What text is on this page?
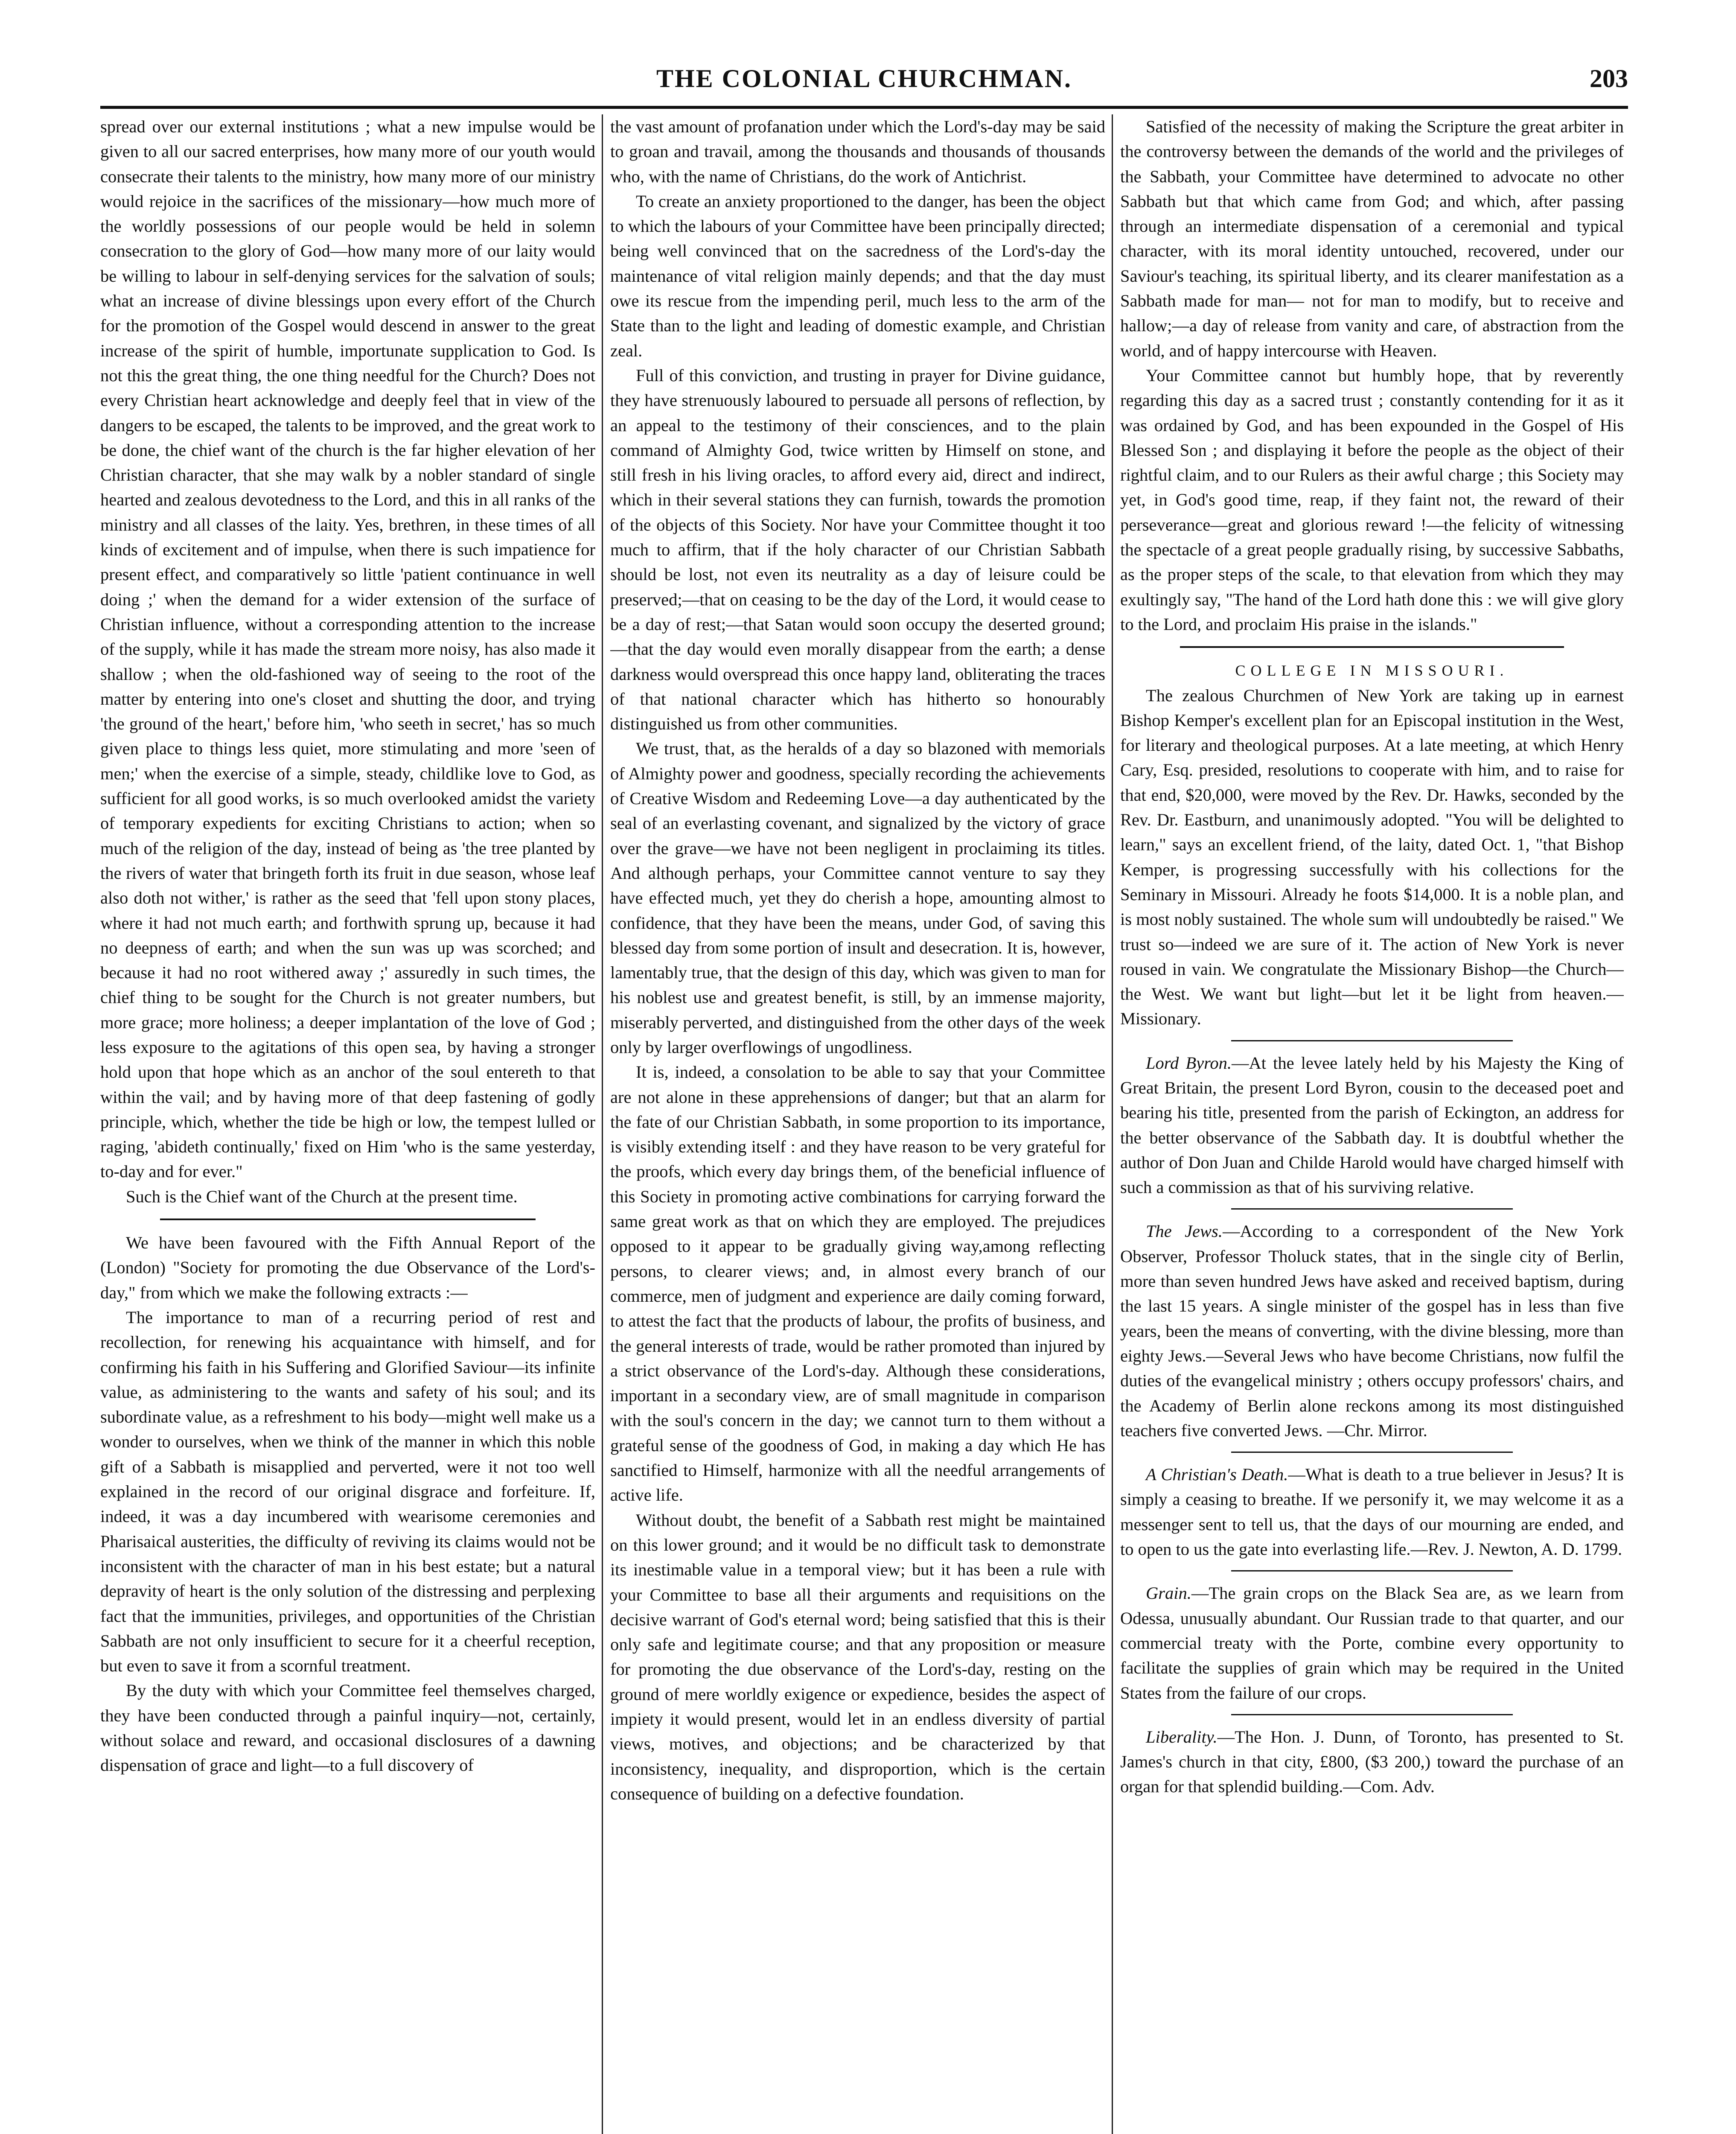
THE COLONIAL CHURCHMAN.	203

spread over our external institutions ; what a new impulse would be given to all our sacred enterprises, how many more of our youth would consecrate their talents to the ministry, how many more of our ministry would rejoice in the sacrifices of the missionary—how much more of the worldly possessions of our people would be held in solemn consecration to the glory of God—how many more of our laity would be willing to labour in self-denying services for the salvation of souls; what an increase of divine blessings upon every effort of the Church for the promotion of the Gospel would descend in answer to the great increase of the spirit of humble, importunate supplication to God. Is not this the great thing, the one thing needful for the Church? Does not every Christian heart acknowledge and deeply feel that in view of the dangers to be escaped, the talents to be improved, and the great work to be done, the chief want of the church is the far higher elevation of her Christian character, that she may walk by a nobler standard of single hearted and zealous devotedness to the Lord, and this in all ranks of the ministry and all classes of the laity. Yes, brethren, in these times of all kinds of excitement and of impulse, when there is such impatience for present effect, and comparatively so little 'patient continuance in well doing ;' when the demand for a wider extension of the surface of Christian influence, without a corresponding attention to the increase of the supply, while it has made the stream more noisy, has also made it shallow ; when the old-fashioned way of seeing to the root of the matter by entering into one's closet and shutting the door, and trying 'the ground of the heart,' before him, 'who seeth in secret,' has so much given place to things less quiet, more stimulating and more 'seen of men;' when the exercise of a simple, steady, childlike love to God, as sufficient for all good works, is so much overlooked amidst the variety of temporary expedients for exciting Christians to action; when so much of the religion of the day, instead of being as 'the tree planted by the rivers of water that bringeth forth its fruit in due season, whose leaf also doth not wither,' is rather as the seed that 'fell upon stony places, where it had not much earth; and forthwith sprung up, because it had no deepness of earth; and when the sun was up was scorched; and because it had no root withered away ;' assuredly in such times, the chief thing to be sought for the Church is not greater numbers, but more grace; more holiness; a deeper implantation of the love of God ; less exposure to the agitations of this open sea, by having a stronger hold upon that hope which as an anchor of the soul entereth to that within the vail; and by having more of that deep fastening of godly principle, which, whether the tide be high or low, the tempest lulled or raging, 'abideth continually,' fixed on Him 'who is the same yesterday, to-day and for ever."

Such is the Chief want of the Church at the present time.

We have been favoured with the Fifth Annual Report of the (London) "Society for promoting the due Observance of the Lord's-day," from which we make the following extracts :—

The importance to man of a recurring period of rest and recollection, for renewing his acquaintance with himself, and for confirming his faith in his Suffering and Glorified Saviour—its infinite value, as administering to the wants and safety of his soul; and its subordinate value, as a refreshment to his body—might well make us a wonder to ourselves, when we think of the manner in which this noble gift of a Sabbath is misapplied and perverted, were it not too well explained in the record of our original disgrace and forfeiture. If, indeed, it was a day incumbered with wearisome ceremonies and Pharisaical austerities, the difficulty of reviving its claims would not be inconsistent with the character of man in his best estate; but a natural depravity of heart is the only solution of the distressing and perplexing fact that the immunities, privileges, and opportunities of the Christian Sabbath are not only insufficient to secure for it a cheerful reception, but even to save it from a scornful treatment.

By the duty with which your Committee feel themselves charged, they have been conducted through a painful inquiry—not, certainly, without solace and reward, and occasional disclosures of a dawning dispensation of grace and light—to a full discovery of

the vast amount of profanation under which the Lord's-day may be said to groan and travail, among the thousands and thousands of thousands who, with the name of Christians, do the work of Antichrist.

To create an anxiety proportioned to the danger, has been the object to which the labours of your Committee have been principally directed; being well convinced that on the sacredness of the Lord's-day the maintenance of vital religion mainly depends; and that the day must owe its rescue from the impending peril, much less to the arm of the State than to the light and leading of domestic example, and Christian zeal.

Full of this conviction, and trusting in prayer for Divine guidance, they have strenuously laboured to persuade all persons of reflection, by an appeal to the testimony of their consciences, and to the plain command of Almighty God, twice written by Himself on stone, and still fresh in his living oracles, to afford every aid, direct and indirect, which in their several stations they can furnish, towards the promotion of the objects of this Society. Nor have your Committee thought it too much to affirm, that if the holy character of our Christian Sabbath should be lost, not even its neutrality as a day of leisure could be preserved;—that on ceasing to be the day of the Lord, it would cease to be a day of rest;—that Satan would soon occupy the deserted ground;—that the day would even morally disappear from the earth; a dense darkness would overspread this once happy land, obliterating the traces of that national character which has hitherto so honourably distinguished us from other communities.

We trust, that, as the heralds of a day so blazoned with memorials of Almighty power and goodness, specially recording the achievements of Creative Wisdom and Redeeming Love—a day authenticated by the seal of an everlasting covenant, and signalized by the victory of grace over the grave—we have not been negligent in proclaiming its titles. And although perhaps, your Committee cannot venture to say they have effected much, yet they do cherish a hope, amounting almost to confidence, that they have been the means, under God, of saving this blessed day from some portion of insult and desecration. It is, however, lamentably true, that the design of this day, which was given to man for his noblest use and greatest benefit, is still, by an immense majority, miserably perverted, and distinguished from the other days of the week only by larger overflowings of ungodliness.

It is, indeed, a consolation to be able to say that your Committee are not alone in these apprehensions of danger; but that an alarm for the fate of our Christian Sabbath, in some proportion to its importance, is visibly extending itself : and they have reason to be very grateful for the proofs, which every day brings them, of the beneficial influence of this Society in promoting active combinations for carrying forward the same great work as that on which they are employed. The prejudices opposed to it appear to be gradually giving way,among reflecting persons, to clearer views; and, in almost every branch of our commerce, men of judgment and experience are daily coming forward, to attest the fact that the products of labour, the profits of business, and the general interests of trade, would be rather promoted than injured by a strict observance of the Lord's-day. Although these considerations, important in a secondary view, are of small magnitude in comparison with the soul's concern in the day; we cannot turn to them without a grateful sense of the goodness of God, in making a day which He has sanctified to Himself, harmonize with all the needful arrangements of active life.

Without doubt, the benefit of a Sabbath rest might be maintained on this lower ground; and it would be no difficult task to demonstrate its inestimable value in a temporal view; but it has been a rule with your Committee to base all their arguments and requisitions on the decisive warrant of God's eternal word; being satisfied that this is their only safe and legitimate course; and that any proposition or measure for promoting the due observance of the Lord's-day, resting on the ground of mere worldly exigence or expedience, besides the aspect of impiety it would present, would let in an endless diversity of partial views, motives, and objections; and be characterized by that inconsistency, inequality, and disproportion, which is the certain consequence of building on a defective foundation.

Satisfied of the necessity of making the Scripture the great arbiter in the controversy between the demands of the world and the privileges of the Sabbath, your Committee have determined to advocate no other Sabbath but that which came from God; and which, after passing through an intermediate dispensation of a ceremonial and typical character, with its moral identity untouched, recovered, under our Saviour's teaching, its spiritual liberty, and its clearer manifestation as a Sabbath made for man— not for man to modify, but to receive and hallow;—a day of release from vanity and care, of abstraction from the world, and of happy intercourse with Heaven.

Your Committee cannot but humbly hope, that by reverently regarding this day as a sacred trust ; constantly contending for it as it was ordained by God, and has been expounded in the Gospel of His Blessed Son ; and displaying it before the people as the object of their rightful claim, and to our Rulers as their awful charge ; this Society may yet, in God's good time, reap, if they faint not, the reward of their perseverance—great and glorious reward !—the felicity of witnessing the spectacle of a great people gradually rising, by successive Sabbaths, as the proper steps of the scale, to that elevation from which they may exultingly say, "The hand of the Lord hath done this : we will give glory to the Lord, and proclaim His praise in the islands."

COLLEGE IN MISSOURI.

The zealous Churchmen of New York are taking up in earnest Bishop Kemper's excellent plan for an Episcopal institution in the West, for literary and theological purposes. At a late meeting, at which Henry Cary, Esq. presided, resolutions to cooperate with him, and to raise for that end, $20,000, were moved by the Rev. Dr. Hawks, seconded by the Rev. Dr. Eastburn, and unanimously adopted. "You will be delighted to learn," says an excellent friend, of the laity, dated Oct. 1, "that Bishop Kemper, is progressing successfully with his collections for the Seminary in Missouri. Already he foots $14,000. It is a noble plan, and is most nobly sustained. The whole sum will undoubtedly be raised." We trust so—indeed we are sure of it. The action of New York is never roused in vain. We congratulate the Missionary Bishop—the Church—the West. We want but light—but let it be light from heaven.—Missionary.

Lord Byron.—At the levee lately held by his Majesty the King of Great Britain, the present Lord Byron, cousin to the deceased poet and bearing his title, presented from the parish of Eckington, an address for the better observance of the Sabbath day. It is doubtful whether the author of Don Juan and Childe Harold would have charged himself with such a commission as that of his surviving relative.

The Jews.—According to a correspondent of the New York Observer, Professor Tholuck states, that in the single city of Berlin, more than seven hundred Jews have asked and received baptism, during the last 15 years. A single minister of the gospel has in less than five years, been the means of converting, with the divine blessing, more than eighty Jews.—Several Jews who have become Christians, now fulfil the duties of the evangelical ministry ; others occupy professors' chairs, and the Academy of Berlin alone reckons among its most distinguished teachers five converted Jews. —Chr. Mirror.

A Christian's Death.—What is death to a true believer in Jesus? It is simply a ceasing to breathe. If we personify it, we may welcome it as a messenger sent to tell us, that the days of our mourning are ended, and to open to us the gate into everlasting life.—Rev. J. Newton, A. D. 1799.

Grain.—The grain crops on the Black Sea are, as we learn from Odessa, unusually abundant. Our Russian trade to that quarter, and our commercial treaty with the Porte, combine every opportunity to facilitate the supplies of grain which may be required in the United States from the failure of our crops.

Liberality.—The Hon. J. Dunn, of Toronto, has presented to St. James's church in that city, £800, ($3 200,) toward the purchase of an organ for that splendid building.—Com. Adv.
